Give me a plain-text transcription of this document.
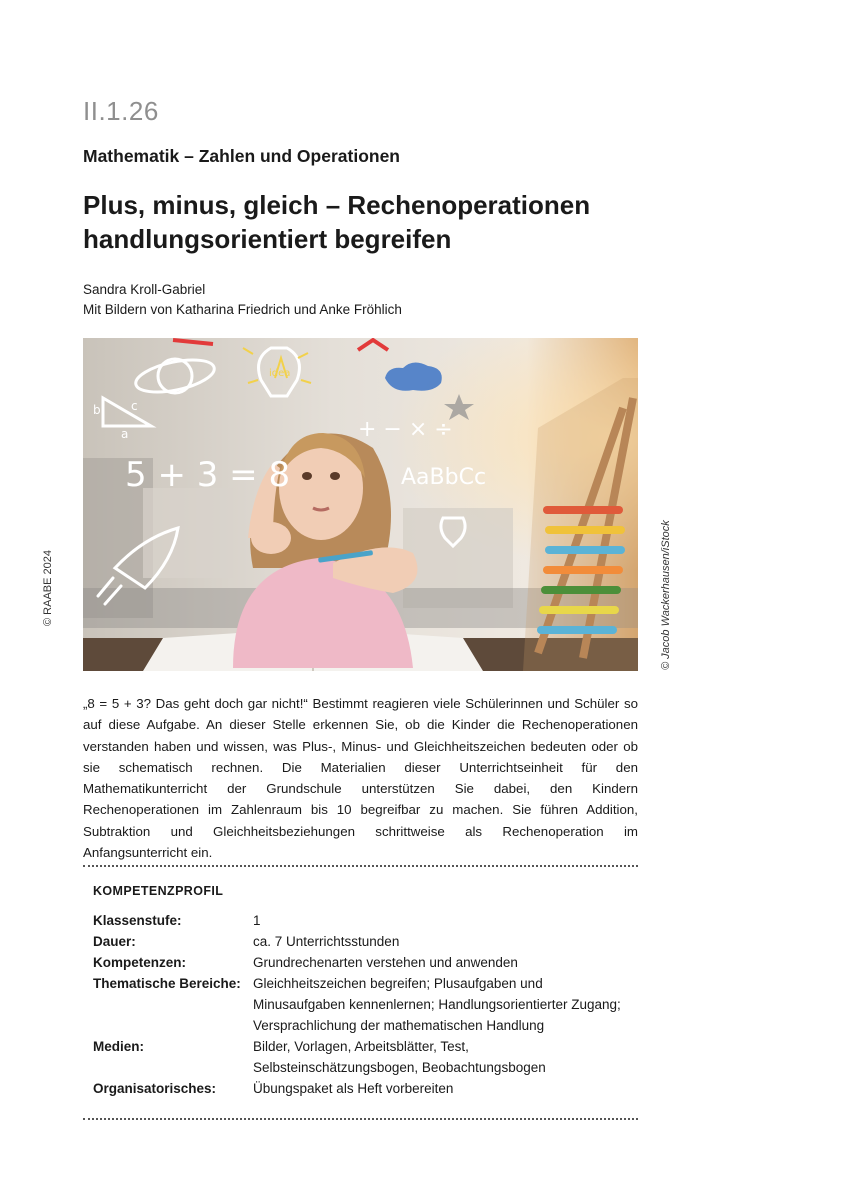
II.1.26
Mathematik – Zahlen und Operationen
Plus, minus, gleich – Rechenoperationen
handlungsorientiert begreifen
Sandra Kroll-Gabriel
Mit Bildern von Katharina Friedrich und Anke Fröhlich
© RAABE 2024	© Jacob Wackerhausen/iStock
5 + 3 = 8
+ − × ÷
AaBbCc
idea
b
a
c

„8 = 5 + 3? Das geht doch gar nicht!“ Bestimmt reagieren viele Schülerinnen und Schüler so auf diese Aufgabe. An dieser Stelle erkennen Sie, ob die Kinder die Rechenoperationen verstanden haben und wissen, was Plus-, Minus- und Gleichheitszeichen bedeuten oder ob sie schematisch rechnen. Die Materialien dieser Unterrichtseinheit für den Mathematikunterricht der Grundschule unterstützen Sie dabei, den Kindern Rechenoperationen im Zahlenraum bis 10 begreifbar zu machen. Sie führen Addition, Subtraktion und Gleichheitsbeziehungen schrittweise als Rechenoperation im Anfangsunterricht ein.

KOMPETENZPROFIL
Klassenstufe:	1
Dauer:	ca. 7 Unterrichtsstunden
Kompetenzen:	Grundrechenarten verstehen und anwenden
Thematische Bereiche: Gleichheitszeichen begreifen; Plusaufgaben und Minusaufgaben kennenlernen; Handlungsorientierter Zugang; Versprachlichung der mathematischen Handlung
Medien:	Bilder, Vorlagen, Arbeitsblätter, Test, Selbsteinschätzungsbogen, Beobachtungsbogen
Organisatorisches:	Übungspaket als Heft vorbereiten
